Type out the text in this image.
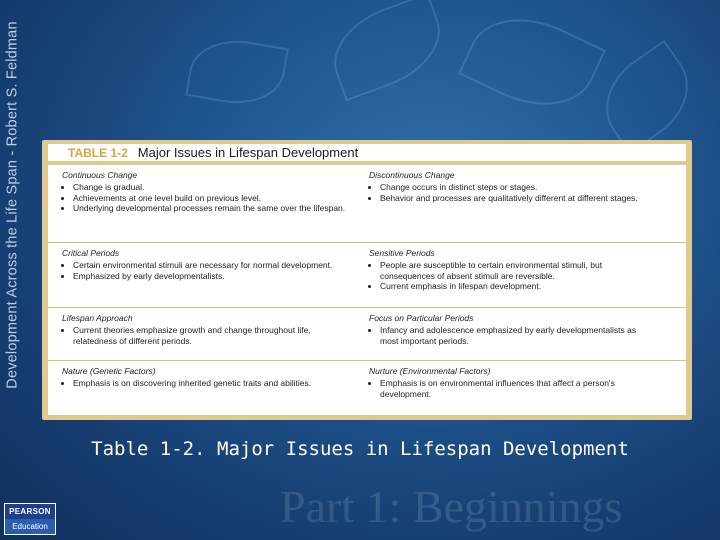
Development Across the Life Span - Robert S. Feldman	TABLE 1-2 Major Issues in Lifespan Development
Continuous Change
• Change is gradual.
• Achievements at one level build on previous level.
• Underlying developmental processes remain the same over the lifespan.
Discontinuous Change
• Change occurs in distinct steps or stages.
• Behavior and processes are qualitatively different at different stages.
Critical Periods
• Certain environmental stimuli are necessary for normal development.
• Emphasized by early developmentalists.
Sensitive Periods
• People are susceptible to certain environmental stimuli, but consequences of absent stimuli are reversible.
• Current emphasis in lifespan development.
Lifespan Approach
• Current theories emphasize growth and change throughout life, relatedness of different periods.
Focus on Particular Periods
• Infancy and adolescence emphasized by early developmentalists as most important periods.
Nature (Genetic Factors)
• Emphasis is on discovering inherited genetic traits and abilities.
Nurture (Environmental Factors)
• Emphasis is on environmental influences that affect a person's development.
Table 1-2. Major Issues in Lifespan Development
Part 1: Beginnings
PEARSON
Education
